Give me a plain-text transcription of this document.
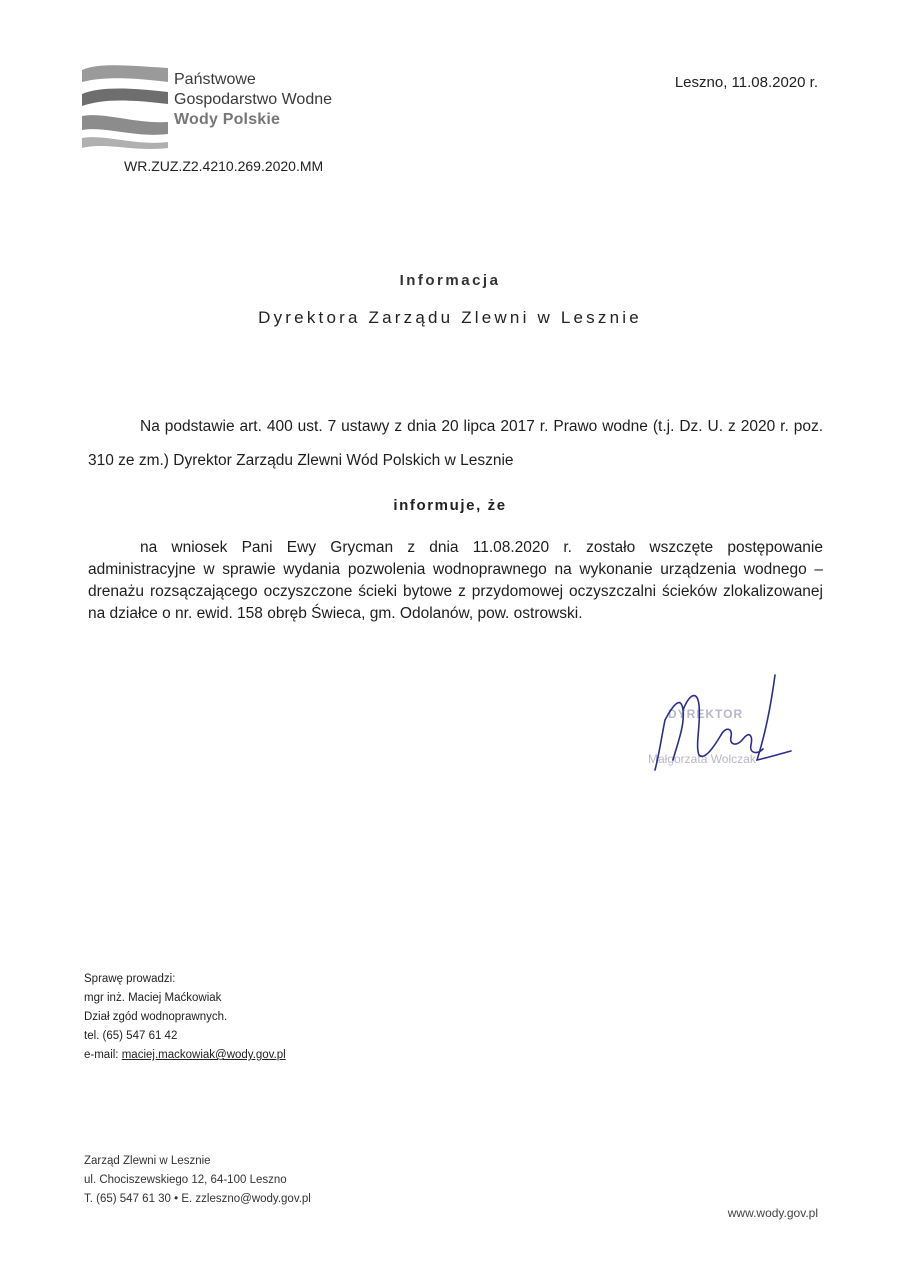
Państwowe
Gospodarstwo Wodne
Wody Polskie
Leszno, 11.08.2020 r.
WR.ZUZ.Z2.4210.269.2020.MM
Informacja
Dyrektora Zarządu Zlewni w Lesznie
Na podstawie art. 400 ust. 7 ustawy z dnia 20 lipca 2017 r. Prawo wodne (t.j. Dz. U. z 2020 r. poz. 310 ze zm.) Dyrektor Zarządu Zlewni Wód Polskich w Lesznie
informuje, że
na wniosek Pani Ewy Grycman z dnia 11.08.2020 r. zostało wszczęte postępowanie administracyjne w sprawie wydania pozwolenia wodnoprawnego na wykonanie urządzenia wodnego – drenażu rozsączającego oczyszczone ścieki bytowe z przydomowej oczyszczalni ścieków zlokalizowanej na działce o nr. ewid. 158 obręb Świeca, gm. Odolanów, pow. ostrowski.
DYREKTOR
Małgorzata Wolczak
Sprawę prowadzi:
mgr inż. Maciej Maćkowiak
Dział zgód wodnoprawnych.
tel. (65) 547 61 42
e-mail: maciej.mackowiak@wody.gov.pl
Zarząd Zlewni w Lesznie
ul. Chociszewskiego 12, 64-100 Leszno
T. (65) 547 61 30 • E. zzleszno@wody.gov.pl
www.wody.gov.pl
